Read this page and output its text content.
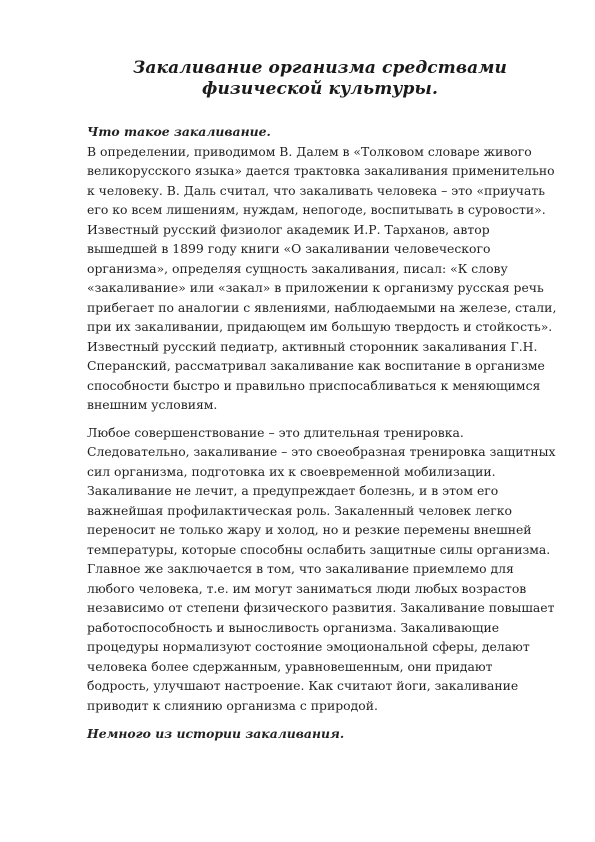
Закаливание организма средствами физической культуры.
Что такое закаливание.

В определении, приводимом В. Далем в «Толковом словаре живого великорусского языка» дается трактовка закаливания применительно к человеку. В. Даль считал, что закаливать человека – это «приучать его ко всем лишениям, нуждам, непогоде, воспитывать в суровости». Известный русский физиолог академик И.Р. Тарханов, автор вышедшей в 1899 году книги «О закаливании человеческого организма», определяя сущность закаливания, писал: «К слову «закаливание» или «закал» в приложении к организму русская речь прибегает по аналогии с явлениями, наблюдаемыми на железе, стали, при их закаливании, придающем им большую твердость и стойкость». Известный русский педиатр, активный сторонник закаливания Г.Н. Сперанский, рассматривал закаливание как воспитание в организме способности быстро и правильно приспосабливаться к меняющимся внешним условиям.

Любое совершенствование – это длительная тренировка. Следовательно, закаливание – это своеобразная тренировка защитных сил организма, подготовка их к своевременной мобилизации. Закаливание не лечит, а предупреждает болезнь, и в этом его важнейшая профилактическая роль. Закаленный человек легко переносит не только жару и холод, но и резкие перемены внешней температуры, которые способны ослабить защитные силы организма. Главное же заключается в том, что закаливание приемлемо для любого человека, т.е. им могут заниматься люди любых возрастов независимо от степени физического развития. Закаливание повышает работоспособность и выносливость организма. Закаливающие процедуры нормализуют состояние эмоциональной сферы, делают человека более сдержанным, уравновешенным, они придают бодрость, улучшают настроение. Как считают йоги, закаливание приводит к слиянию организма с природой.

Немного из истории закаливания.
